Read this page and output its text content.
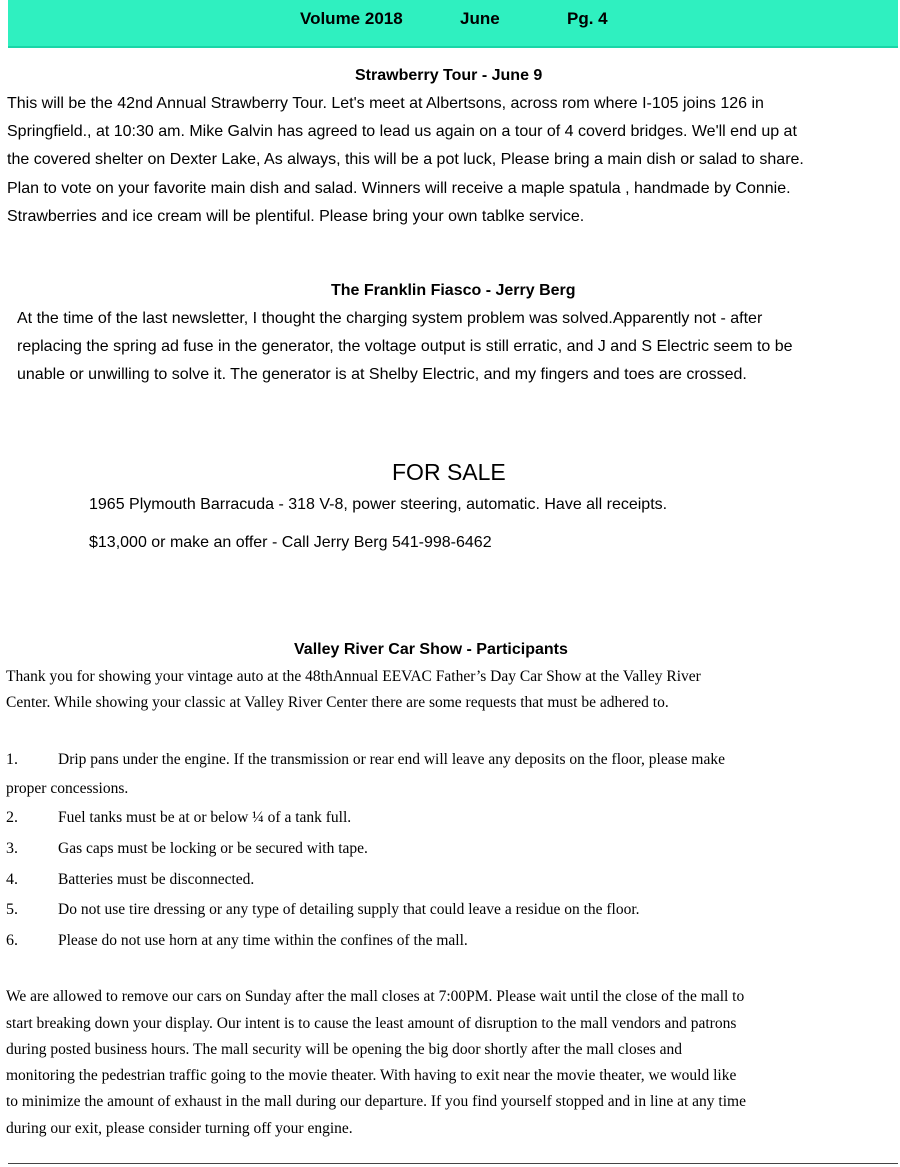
Volume 2018	June	Pg. 4
Strawberry Tour - June 9
This will be the 42nd Annual Strawberry Tour. Let's meet at Albertsons, across rom where I-105 joins 126 in
Springfield., at 10:30 am. Mike Galvin has agreed to lead us again on a tour of 4 coverd bridges. We'll end up at
the covered shelter on Dexter Lake, As always, this will be a pot luck, Please bring a main dish or salad to share.
Plan to vote on your favorite main dish and salad. Winners will receive a maple spatula , handmade by Connie.
Strawberries and ice cream will be plentiful. Please bring your own tablke service.
The Franklin Fiasco - Jerry Berg
At the time of the last newsletter, I thought the charging system problem was solved.Apparently not - after
replacing the spring ad fuse in the generator, the voltage output is still erratic, and J and S Electric seem to be
unable or unwilling to solve it. The generator is at Shelby Electric, and my fingers and toes are crossed.
FOR SALE
1965 Plymouth Barracuda - 318 V-8, power steering, automatic. Have all receipts.
$13,000 or make an offer - Call Jerry Berg 541-998-6462
Valley River Car Show - Participants
Thank you for showing your vintage auto at the 48thAnnual EEVAC Father’s Day Car Show at the Valley River
Center. While showing your classic at Valley River Center there are some requests that must be adhered to.
1.	Drip pans under the engine. If the transmission or rear end will leave any deposits on the floor, please make
proper concessions.
2.	Fuel tanks must be at or below ¼ of a tank full.
3.	Gas caps must be locking or be secured with tape.
4.	Batteries must be disconnected.
5.	Do not use tire dressing or any type of detailing supply that could leave a residue on the floor.
6.	Please do not use horn at any time within the confines of the mall.
We are allowed to remove our cars on Sunday after the mall closes at 7:00PM. Please wait until the close of the mall to
start breaking down your display. Our intent is to cause the least amount of disruption to the mall vendors and patrons
during posted business hours. The mall security will be opening the big door shortly after the mall closes and
monitoring the pedestrian traffic going to the movie theater. With having to exit near the movie theater, we would like
to minimize the amount of exhaust in the mall during our departure. If you find yourself stopped and in line at any time
during our exit, please consider turning off your engine.
